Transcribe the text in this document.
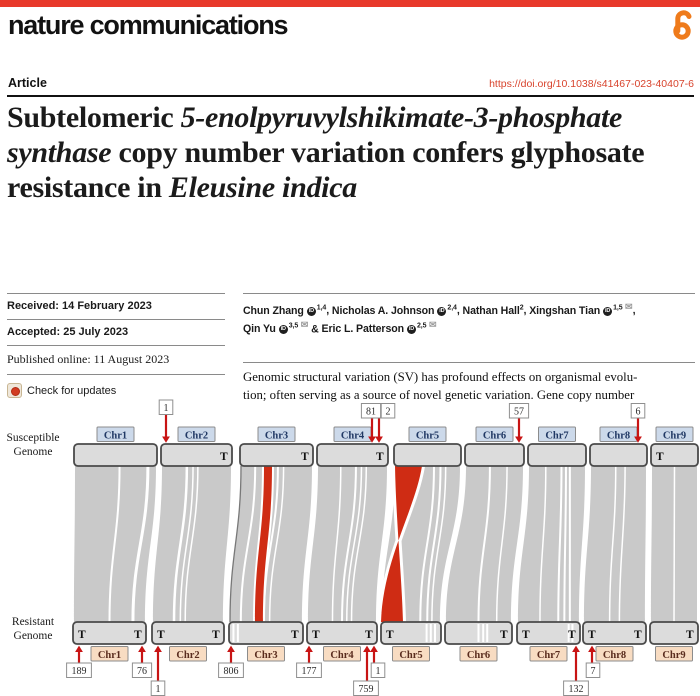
nature communications
Article	https://doi.org/10.1038/s41467-023-40407-6
Subtelomeric 5-enolpyruvylshikimate-3-phosphate synthase copy number variation confers glyphosate resistance in Eleusine indica
Received: 14 February 2023
Accepted: 25 July 2023
Published online: 11 August 2023
Check for updates
Chun Zhang iD $^{1,4}$, Nicholas A. Johnson iD $^{2,4}$, Nathan Hall$^2$, Xingshan Tian iD $^{1,5}$ ✉,
Qin Yu iD $^{3,5}$ ✉ & Eric L. Patterson iD $^{2,5}$ ✉
Genomic structural variation (SV) has profound effects on organismal evolu-
tion; often serving as a source of novel genetic variation. Gene copy number
T	T
Chr1
Chr1
T
T	T
Chr2
Chr2
T
T
Chr3
Chr3
T
T	T
Chr4
Chr4
T
Chr5
Chr5
T
Chr6
Chr6
T	T
Chr7
Chr7
T	T
Chr8
Chr8
T
T
Chr9
Chr9
Susceptible
Genome
Resistant
Genome
1	81 2	57	6
189	76
1
806	177
759
1
132
7
